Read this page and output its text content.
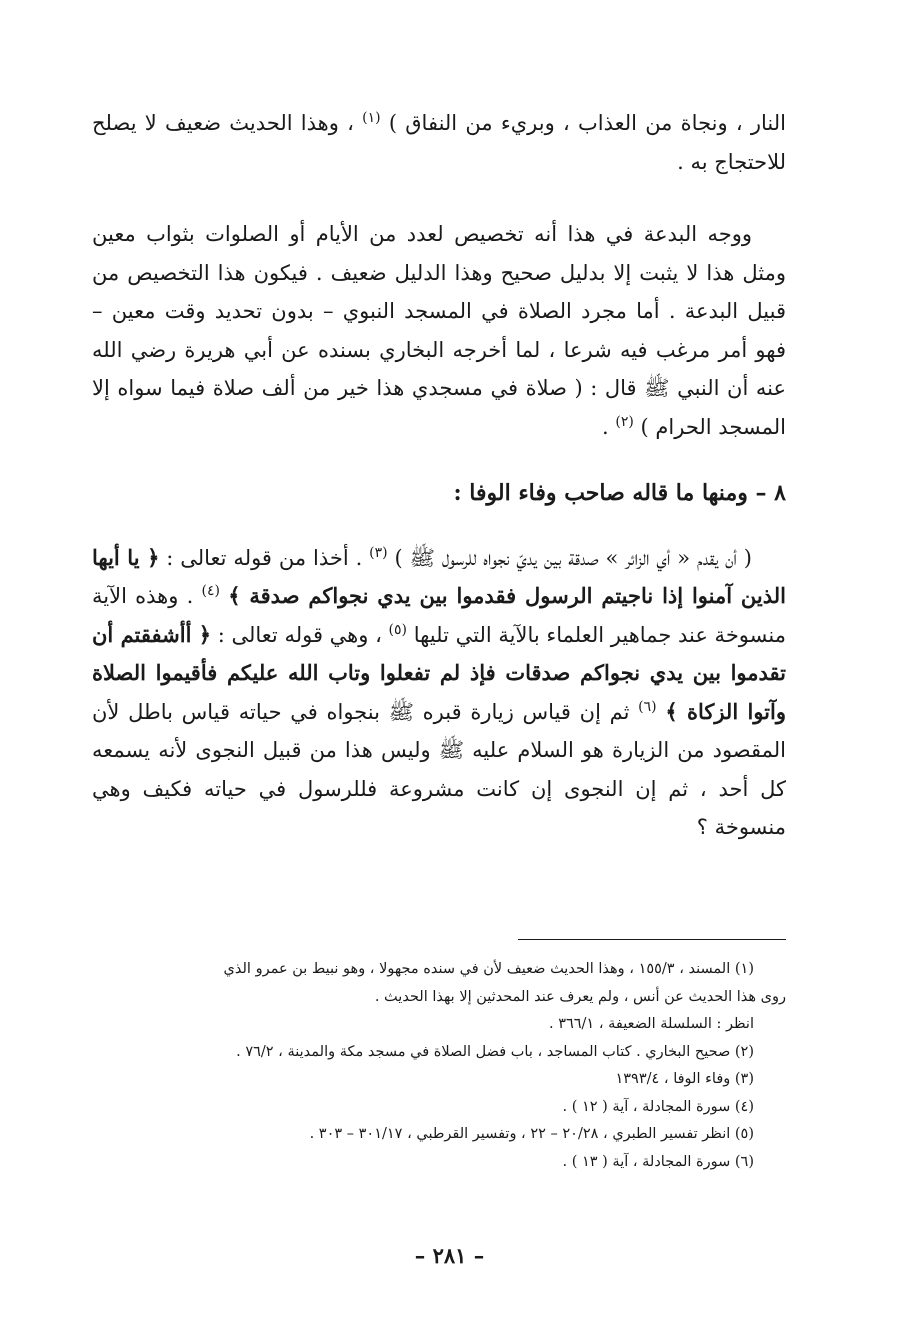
النار ، ونجاة من العذاب ، وبريء من النفاق ) $^{(١)}$ ، وهذا الحديث ضعيف لا يصلح للاحتجاج به .

ووجه البدعة في هذا أنه تخصيص لعدد من الأيام أو الصلوات بثواب معين ومثل هذا لا يثبت إلا بدليل صحيح وهذا الدليل ضعيف . فيكون هذا التخصيص من قبيل البدعة . أما مجرد الصلاة في المسجد النبوي – بدون تحديد وقت معين – فهو أمر مرغب فيه شرعا ، لما أخرجه البخاري بسنده عن أبي هريرة رضي الله عنه أن النبي ﷺ قال : ( صلاة في مسجدي هذا خير من ألف صلاة فيما سواه إلا المسجد الحرام ) $^{(٢)}$ .

٨ – ومنها ما قاله صاحب وفاء الوفا :

( أن يقدم « أي الزائر » صدقة بين يديّ نجواه للرسول ﷺ ) $^{(٣)}$ . أخذا من قوله تعالى : ﴿ يا أيها الذين آمنوا إذا ناجيتم الرسول فقدموا بين يدي نجواكم صدقة ﴾ $^{(٤)}$ . وهذه الآية منسوخة عند جماهير العلماء بالآية التي تليها $^{(٥)}$ ، وهي قوله تعالى : ﴿ أأشفقتم أن تقدموا بين يدي نجواكم صدقات فإذ لم تفعلوا وتاب الله عليكم فأقيموا الصلاة وآتوا الزكاة ﴾ $^{(٦)}$ ثم إن قياس زيارة قبره ﷺ بنجواه في حياته قياس باطل لأن المقصود من الزيارة هو السلام عليه ﷺ وليس هذا من قبيل النجوى لأنه يسمعه كل أحد ، ثم إن النجوى إن كانت مشروعة فللرسول في حياته فكيف وهي منسوخة ؟

(١) المسند ، ١٥٥/٣ ، وهذا الحديث ضعيف لأن في سنده مجهولا ، وهو نبيط بن عمرو الذي

روى هذا الحديث عن أنس ، ولم يعرف عند المحدثين إلا بهذا الحديث .

انظر : السلسلة الضعيفة ، ٣٦٦/١ .

(٢) صحيح البخاري . كتاب المساجد ، باب فضل الصلاة في مسجد مكة والمدينة ، ٧٦/٢ .

(٣) وفاء الوفا ، ١٣٩٣/٤

(٤) سورة المجادلة ، آية ( ١٢ ) .

(٥) انظر تفسير الطبري ، ٢٠/٢٨ – ٢٢ ، وتفسير القرطبي ، ٣٠١/١٧ – ٣٠٣ .

(٦) سورة المجادلة ، آية ( ١٣ ) .

– ٢٨١ –
